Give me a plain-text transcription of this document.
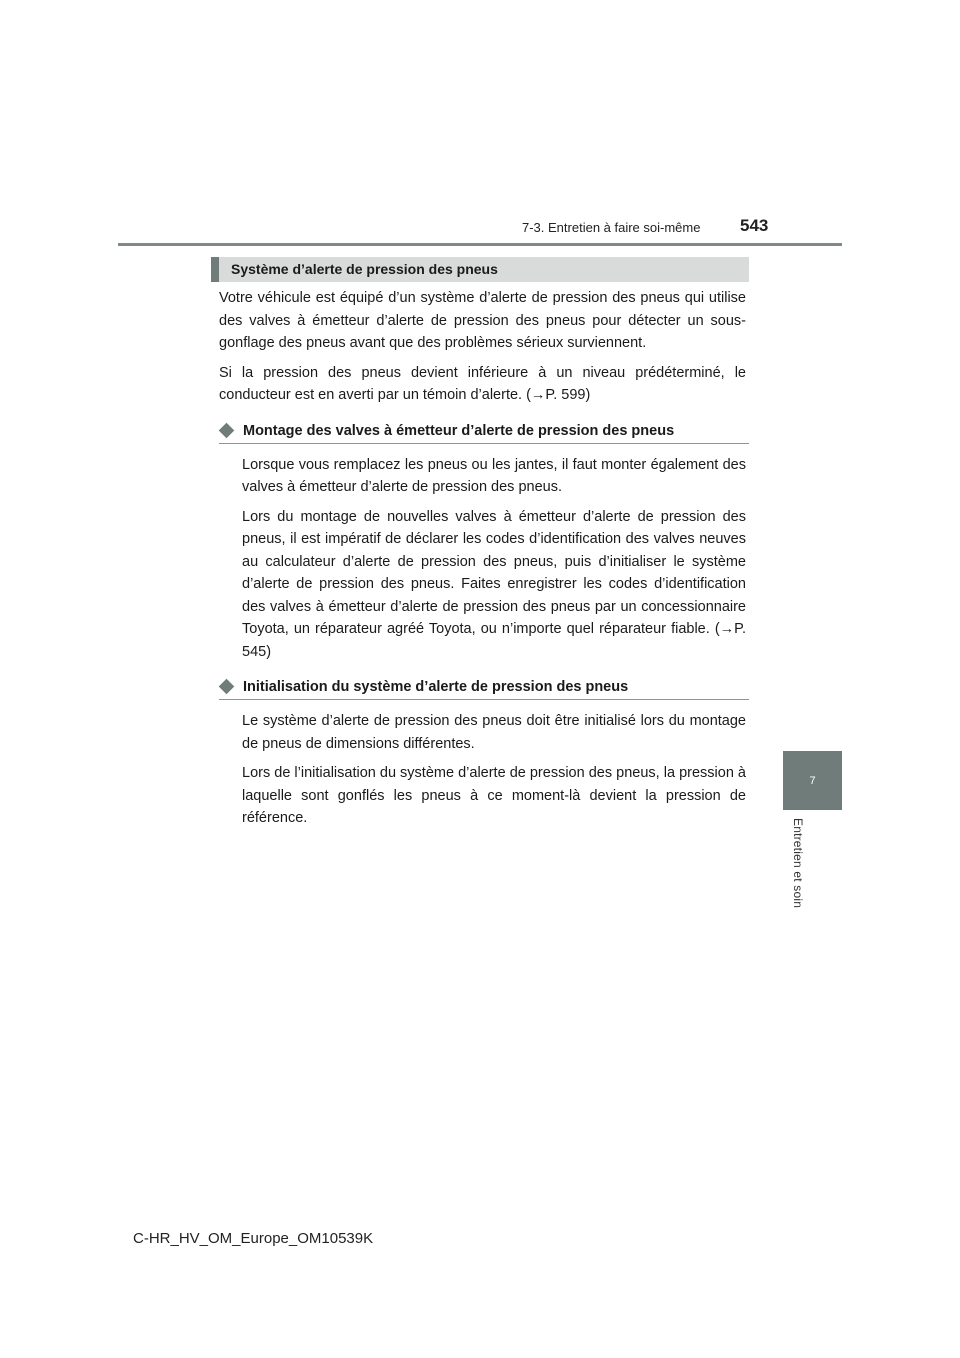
7-3. Entretien à faire soi-même 543
7
Entretien et soin
Système d’alerte de pression des pneus

Votre véhicule est équipé d’un système d’alerte de pression des pneus qui utilise des valves à émetteur d’alerte de pression des pneus pour détecter un sous-gonflage des pneus avant que des problèmes sérieux surviennent.

Si la pression des pneus devient inférieure à un niveau prédéterminé, le conducteur est en averti par un témoin d’alerte. (→P. 599)

Montage des valves à émetteur d’alerte de pression des pneus

Lorsque vous remplacez les pneus ou les jantes, il faut monter également des valves à émetteur d’alerte de pression des pneus.

Lors du montage de nouvelles valves à émetteur d’alerte de pression des pneus, il est impératif de déclarer les codes d’identification des valves neuves au calculateur d’alerte de pression des pneus, puis d’initialiser le système d’alerte de pression des pneus. Faites enregistrer les codes d’identification des valves à émetteur d’alerte de pression des pneus par un concessionnaire Toyota, un réparateur agréé Toyota, ou n’importe quel réparateur fiable. (→P. 545)

Initialisation du système d’alerte de pression des pneus

Le système d’alerte de pression des pneus doit être initialisé lors du montage de pneus de dimensions différentes.

Lors de l’initialisation du système d’alerte de pression des pneus, la pression à laquelle sont gonflés les pneus à ce moment-là devient la pression de référence.

C-HR_HV_OM_Europe_OM10539K
